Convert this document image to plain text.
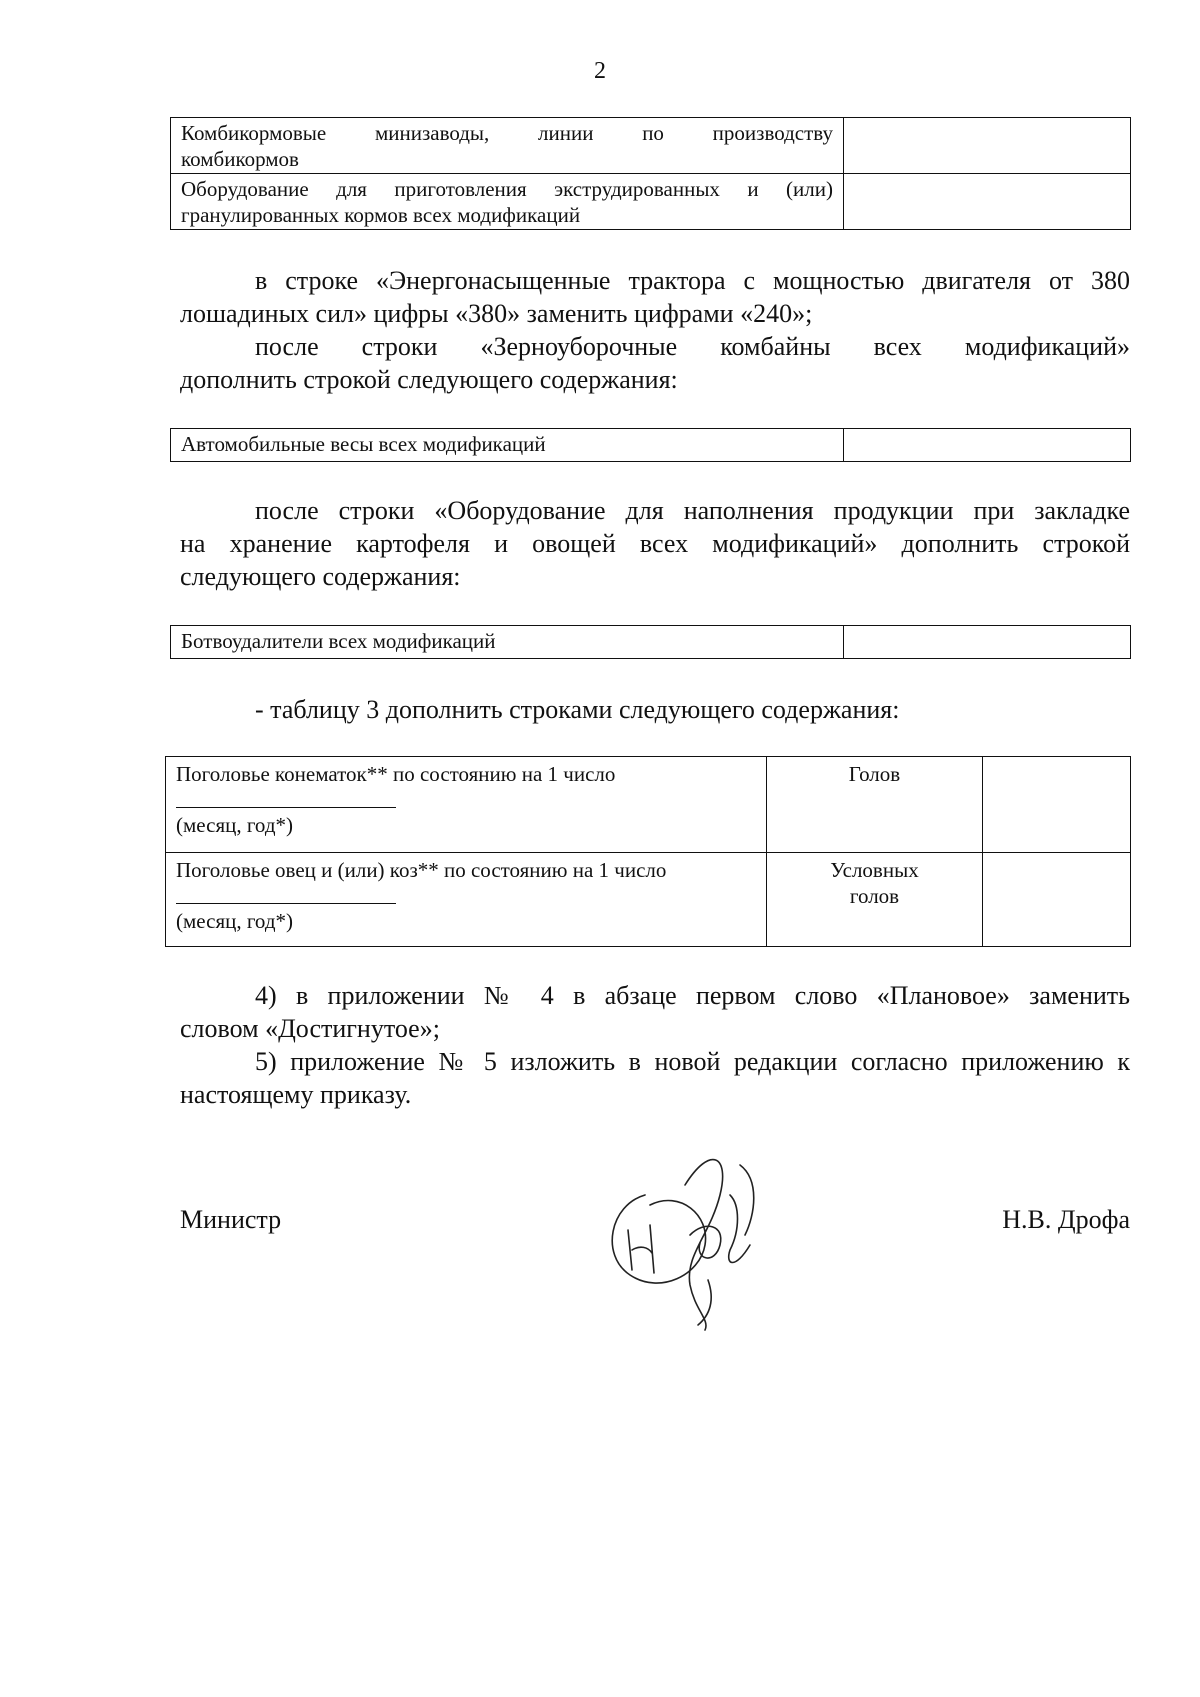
2
Комбикормовые минизаводы, линии по производству
комбикормов	

Оборудование для приготовления экструдированных и (или)
гранулированных кормов всех модификаций	

в строке «Энергонасыщенные трактора с мощностью двигателя от 380
лошадиных сил» цифры «380» заменить цифрами «240»;
после строки «Зерноуборочные комбайны всех модификаций»
дополнить строкой следующего содержания:
Автомобильные весы всех модификаций	
после строки «Оборудование для наполнения продукции при закладке
на хранение картофеля и овощей всех модификаций» дополнить строкой
следующего содержания:
Ботвоудалители всех модификаций	
- таблицу 3 дополнить строками следующего содержания:
Поголовье конематок** по состоянию на 1 число
(месяц, год*)	Голов	

Поголовье овец и (или) коз** по состоянию на 1 число
(месяц, год*)	Условных
голов	

4) в приложении № 4 в абзаце первом слово «Плановое» заменить
словом «Достигнутое»;
5) приложение № 5 изложить в новой редакции согласно приложению к
настоящему приказу.
Министр	Н.В. Дрофа
